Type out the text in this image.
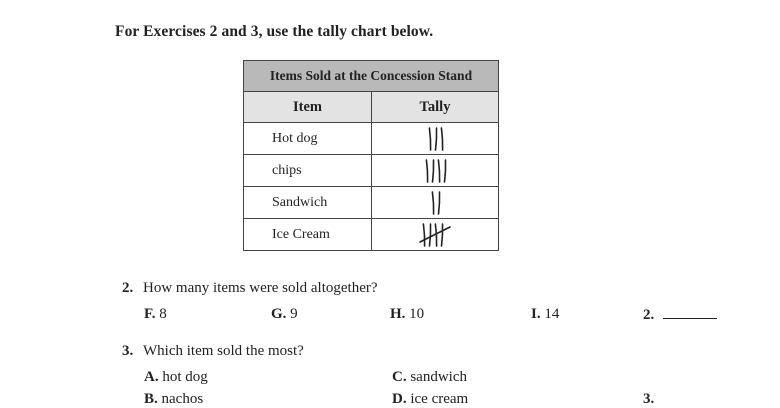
For Exercises 2 and 3, use the tally chart below.
Items Sold at the Concession Stand	
Item	Tally
Hot dog	

chips	

Sandwich	

Ice Cream	
2. How many items were sold altogether?
F. 8	G. 9	H. 10	I. 14	2.
3. Which item sold the most?
A. hot dog
B. nachos
C. sandwich
D. ice cream	3.
